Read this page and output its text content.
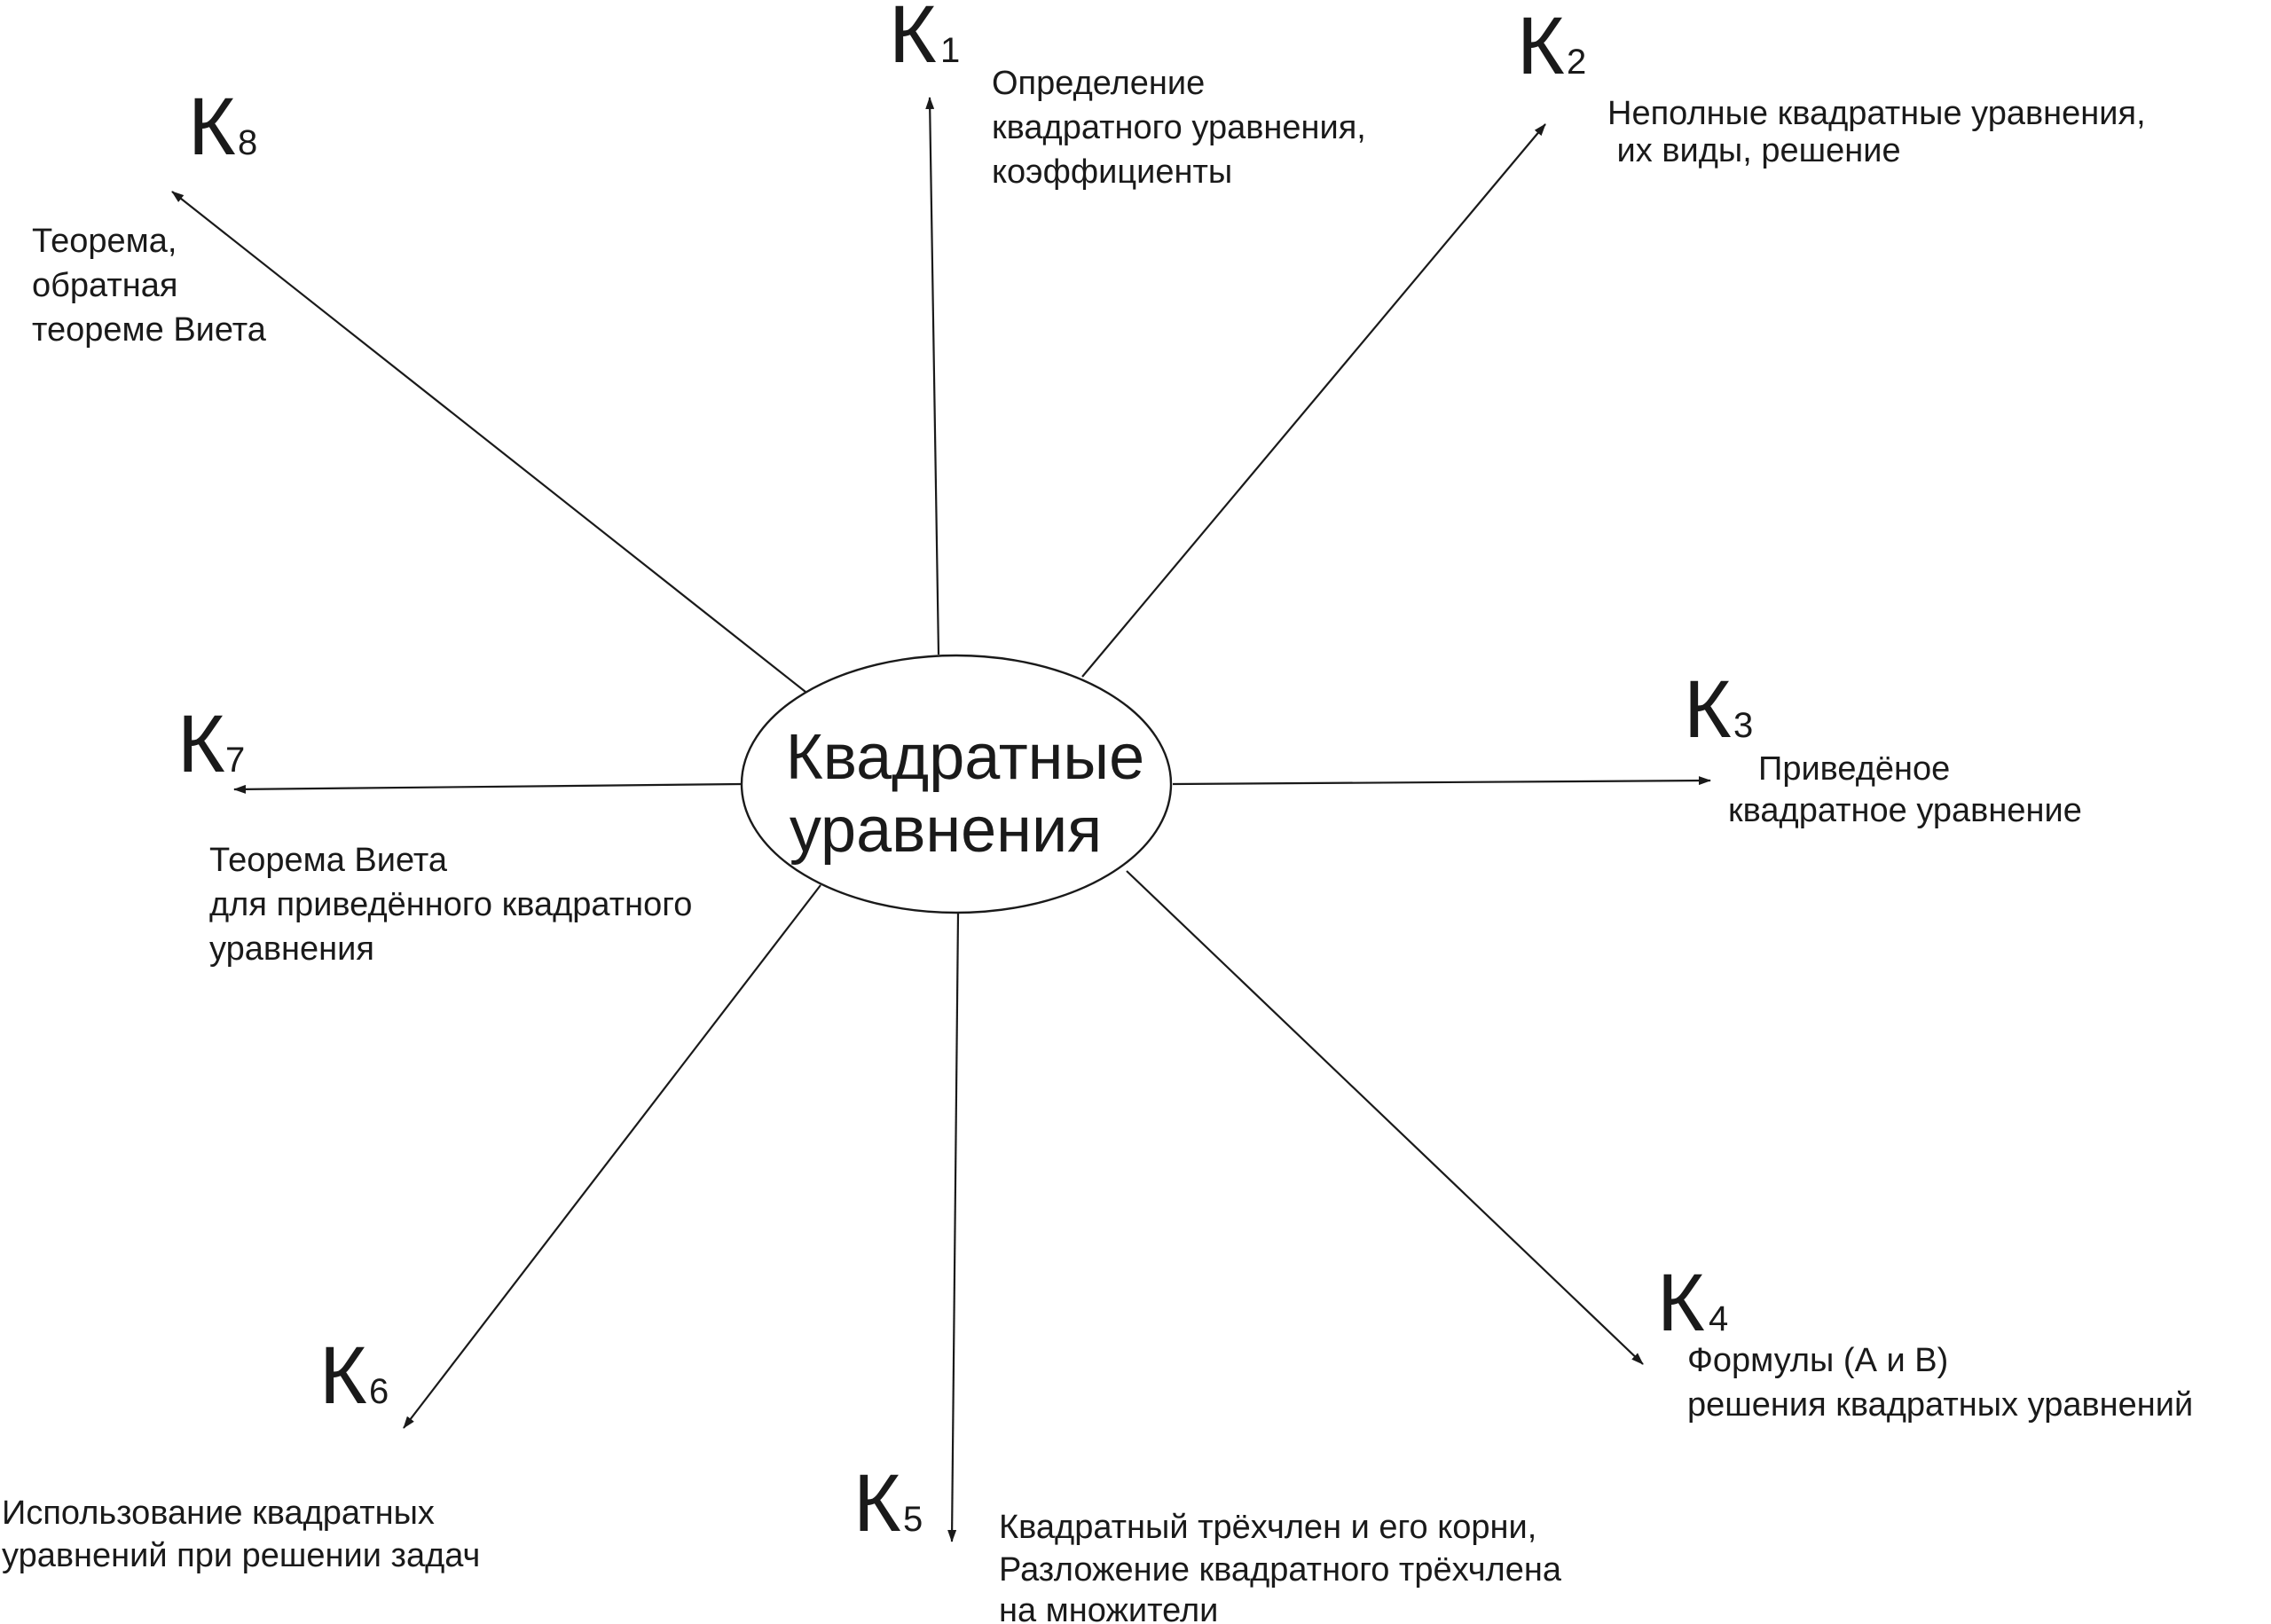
Квадратные
уравнения
К 1
Определение
квадратного уравнения,
коэффициенты
К 2
Неполные квадратные уравнения,
их виды, решение
К 3
Приведёное
квадратное уравнение
К 4
Формулы (А и В)
решения квадратных уравнений
К 5 Квадратный трёхчлен и его корни,
Разложение квадратного трёхчлена
на множители
К 6
Использование квадратных
уравнений при решении задач
К 7
Теорема Виета
для приведённого квадратного
уравнения
К 8
Теорема,
обратная
теореме Виета
